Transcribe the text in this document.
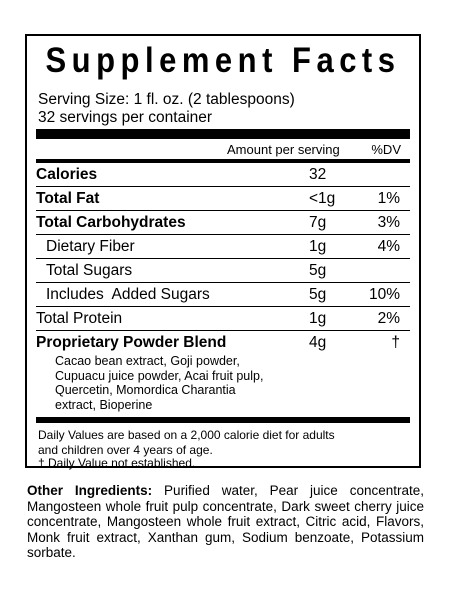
Supplement Facts
Serving Size: 1 fl. oz. (2 tablespoons)
32 servings per container
Amount per serving %DV
Calories	32
Total Fat	<1g	1%
Total Carbohydrates	7g	3%
Dietary Fiber	1g	4%
Total Sugars	5g
Includes  Added Sugars	5g	10%
Total Protein	1g	2%
Proprietary Powder Blend	4g	†
Cacao bean extract, Goji powder,
Cupuacu juice powder, Acai fruit pulp,
Quercetin, Momordica Charantia
extract, Bioperine
Daily Values are based on a 2,000 calorie diet for adults
and children over 4 years of age.
† Daily Value not established.
Other Ingredients: Purified water, Pear juice concentrate, Mangosteen whole fruit pulp concentrate, Dark sweet cherry juice concentrate, Mangosteen whole fruit extract, Citric acid, Flavors, Monk fruit extract, Xanthan gum, Sodium benzoate, Potassium sorbate.
